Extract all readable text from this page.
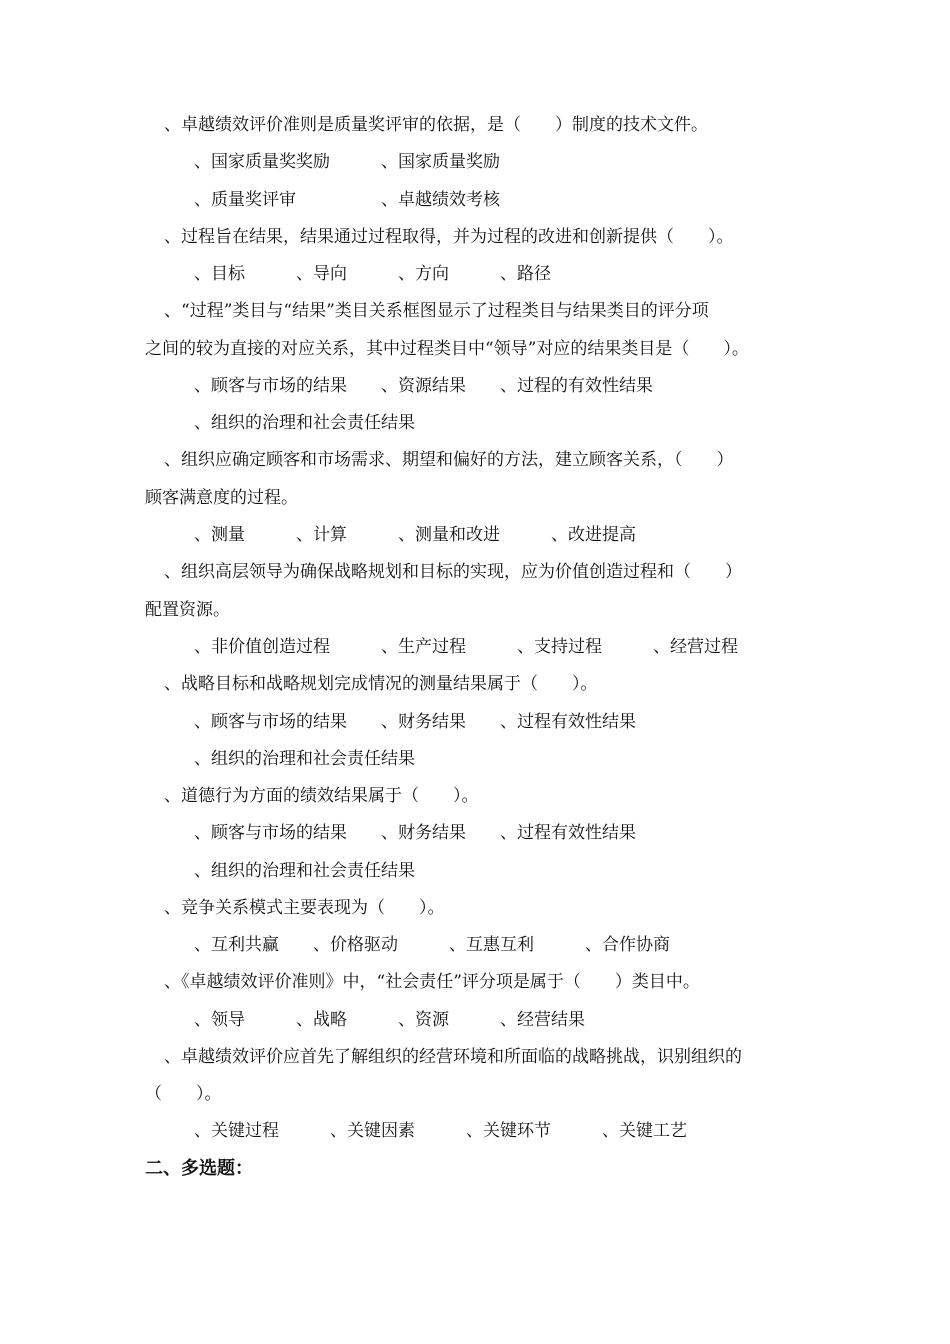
、卓越绩效评价准则是质量奖评审的依据，是（　　）制度的技术文件。
、国家质量奖奖励　　　、国家质量奖励
、质量奖评审　　　　　、卓越绩效考核
、过程旨在结果，结果通过过程取得，并为过程的改进和创新提供（　　）。
、目标　　　、导向　　　、方向　　　、路径
、“过程”类目与“结果”类目关系框图显示了过程类目与结果类目的评分项
之间的较为直接的对应关系，其中过程类目中“领导”对应的结果类目是（　　）。
、顾客与市场的结果　　、资源结果　　、过程的有效性结果
、组织的治理和社会责任结果
、组织应确定顾客和市场需求、期望和偏好的方法，建立顾客关系，（　　）
顾客满意度的过程。
、测量　　　、计算　　　、测量和改进　　　、改进提高
、组织高层领导为确保战略规划和目标的实现，应为价值创造过程和（　　）
配置资源。
、非价值创造过程　　　、生产过程　　　、支持过程　　　、经营过程
、战略目标和战略规划完成情况的测量结果属于（　　）。
、顾客与市场的结果　　、财务结果　　、过程有效性结果
、组织的治理和社会责任结果
、道德行为方面的绩效结果属于（　　）。
、顾客与市场的结果　　、财务结果　　、过程有效性结果
、组织的治理和社会责任结果
、竞争关系模式主要表现为（　　）。
、互利共赢　　、价格驱动　　　、互惠互利　　　、合作协商
、《卓越绩效评价准则》中，“社会责任”评分项是属于（　　）类目中。
、领导　　　、战略　　　、资源　　　、经营结果
、卓越绩效评价应首先了解组织的经营环境和所面临的战略挑战，识别组织的
（　　）。
、关键过程　　　、关键因素　　　、关键环节　　　、关键工艺
二、多选题：
